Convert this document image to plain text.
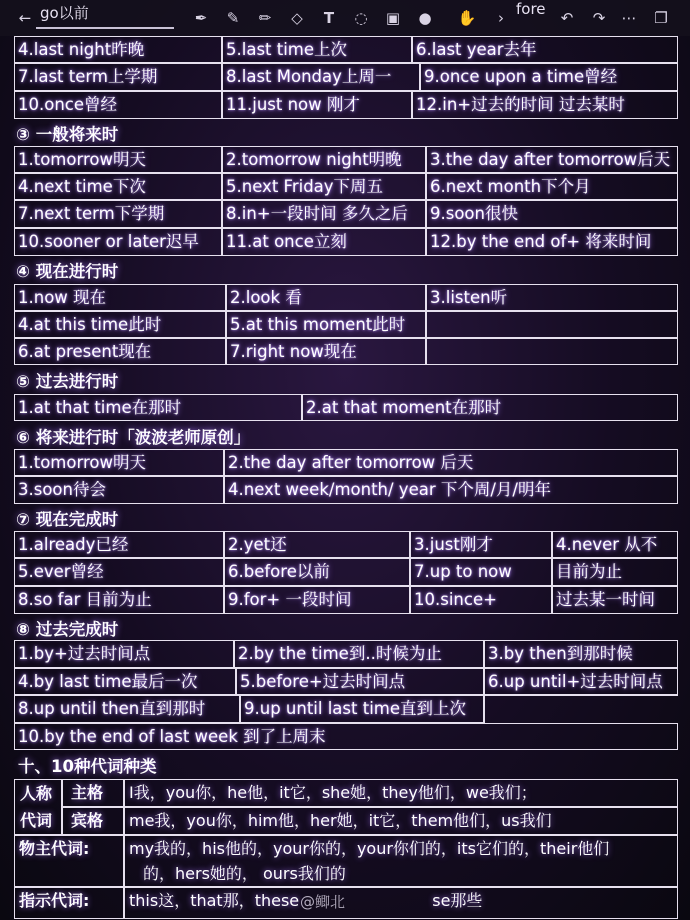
← go以前	✒	✎	✏	◇	T	◌ ▣ ● ✋	› fore	↶	↷	⋯ ❐
4.last night昨晚	5.last time上次	6.last year去年
7.last term上学期	8.last Monday上周一	9.once upon a time曾经
10.once曾经	11.just now 刚才	12.in+过去的时间 过去某时
③ 一般将来时
1.tomorrow明天	2.tomorrow night明晚	3.the day after tomorrow后天
4.next time下次	5.next Friday下周五	6.next month下个月
7.next term下学期	8.in+一段时间 多久之后	9.soon很快
10.sooner or later迟早	11.at once立刻	12.by the end of+ 将来时间
④ 现在进行时
1.now 现在	2.look 看	3.listen听
4.at this time此时	5.at this moment此时
6.at present现在	7.right now现在
⑤ 过去进行时
1.at that time在那时	2.at that moment在那时
⑥ 将来进行时「波波老师原创」
1.tomorrow明天	2.the day after tomorrow 后天
3.soon待会	4.next week/month/ year 下个周/月/明年
⑦ 现在完成时
1.already已经	2.yet还	3.just刚才	4.never 从不
5.ever曾经	6.before以前	7.up to now	目前为止
8.so far 目前为止	9.for+ 一段时间	10.since+	过去某一时间
⑧ 过去完成时
1.by+过去时间点	2.by the time到..时候为止	3.by then到那时候
4.by last time最后一次	5.before+过去时间点	6.up until+过去时间点
8.up until then直到那时	9.up until last time直到上次
10.by the end of last week 到了上周末
十、10种代词种类
人称
代词
主格	I我，you你，he他，it它，she她，they他们，we我们；
宾格	me我，you你，him他，her她，it它，them他们，us我们
物主代词:	my我的，his他的，your你的，your你们的，its它们的，their他们
的，hers她的， ours我们的
指示代词:	this这，that那，these	se那些
@鲫北
